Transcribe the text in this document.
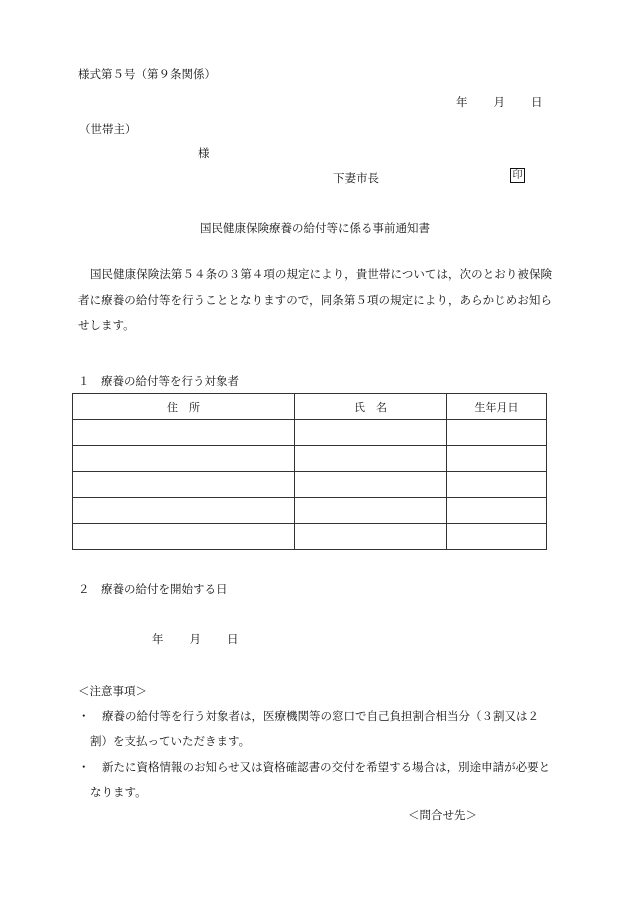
様式第５号（第９条関係）
年 月 日
（世帯主）
様
下妻市長	印
国民健康保険療養の給付等に係る事前通知書
国民健康保険法第５４条の３第４項の規定により，貴世帯については，次のとおり被保険者に療養の給付等を行うこととなりますので，同条第５項の規定により，あらかじめお知らせします。
１　療養の給付等を行う対象者
住　所	氏　名	生年月日

２　療養の給付を開始する日
年 月 日
＜注意事項＞
・	療養の給付等を行う対象者は，医療機関等の窓口で自己負担割合相当分（３割又は２割）を支払っていただきます。
・	新たに資格情報のお知らせ又は資格確認書の交付を希望する場合は，別途申請が必要となります。
＜問合せ先＞
